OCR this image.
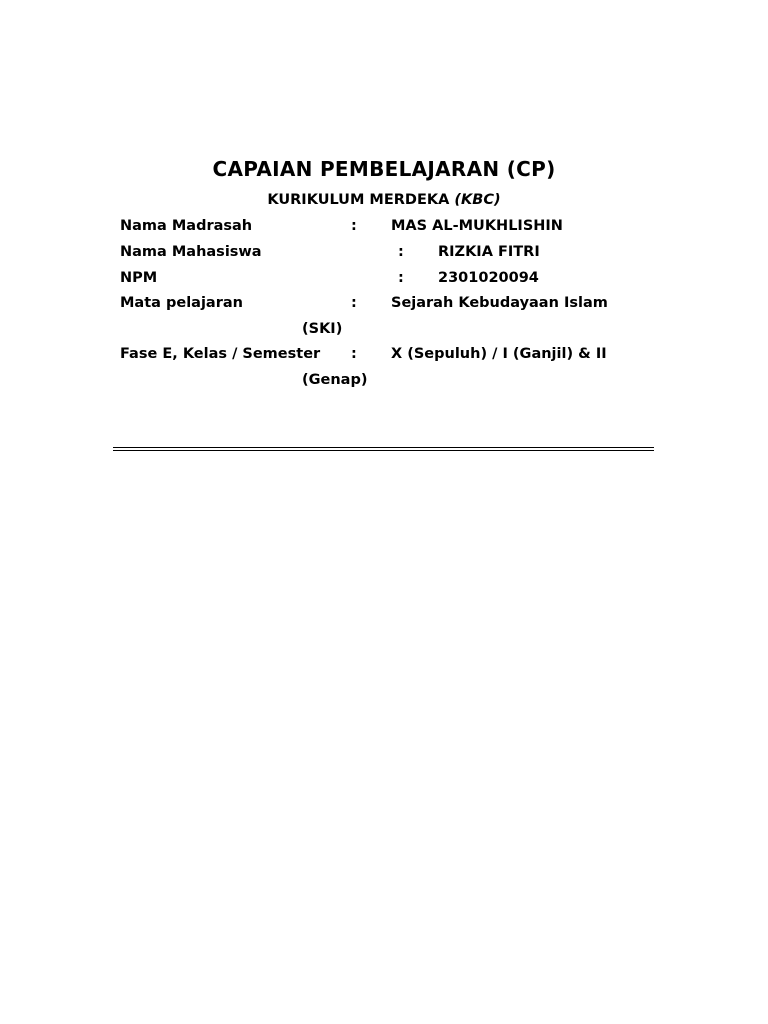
CAPAIAN PEMBELAJARAN (CP)
KURIKULUM MERDEKA (KBC)
Nama Madrasah	: MAS AL-MUKHLISHIN
Nama Mahasiswa	: RIZKIA FITRI
NPM	: 2301020094
Mata pelajaran	: Sejarah Kebudayaan Islam
(SKI)
Fase E, Kelas / Semester : X (Sepuluh) / I (Ganjil) & II
(Genap)
